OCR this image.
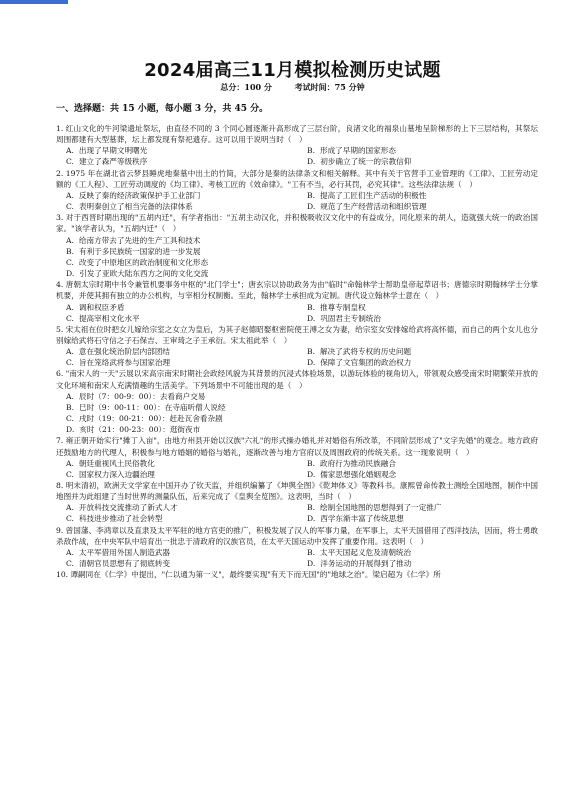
2024届高三11月模拟检测历史试题
总分：100 分	考试时间：75 分钟
一、选择题：共 15 小题，每小题 3 分，共 45 分。
1. 红山文化的牛河梁遗址祭坛，由直径不同的 3 个同心圆逐渐升高形成了三层台阶，良渚文化的福泉山墓地呈阶梯形的上下三层结构，其祭坛周围都建有大型墓葬，坛上都发现有祭祀遗存。这可以用于说明当时（　）
A. 出现了早期文明曙光	B. 形成了早期的国家形态
C. 建立了森严等级秩序	D. 初步确立了统一的宗教信仰
2. 1975 年在湖北省云梦县睡虎地秦墓中出土的竹简，大部分是秦的法律条文和相关解释。其中有关于官营手工业管理的《工律》、工匠劳动定额的《工人程》、工匠劳动调度的《均工律》、考核工匠的《效命律》。"工有不当，必行其罚，必究其律"。这些法律法规（　）
A. 反映了秦的经济政策保护手工业部门	B. 提高了工匠们生产活动的积极性
C. 表明秦创立了相当完备的法律体系	D. 规范了生产经营活动和组织管理
3. 对于西晋时期出现的"五胡内迁"，有学者指出："五胡主动汉化，并积极吸收汉文化中的有益成分，同化原来的胡人，造就强大统一的政治国家。"该学者认为，"五胡内迁"（　）
A. 给南方带去了先进的生产工具和技术
B. 有利于多民族统一国家的进一步发展
C. 改变了中原地区的政治制度和文化形态
D. 引发了亚欧大陆东西方之间的文化交流
4. 唐朝太宗时期中书令兼管机要事务中枢的"北门学士"；唐玄宗以协助政务为由"临时"命翰林学士帮助皇帝起草诏书；唐德宗时期翰林学士分掌机要，并使其拥有独立的办公机构，与宰相分权制衡。至此，翰林学士承担成为定制。唐代设立翰林学士意在（　）
A. 调和权臣矛盾	B. 推尊专制皇权
C. 提高宰相文化水平	D. 巩固君主专制统治
5. 宋太祖在位时把女儿嫁给宗室之女立为皇后，为其子赵德昭娶枢密院使王溥之女为妻，给宗室女安排嫁给武将高怀德，而自己的两个女儿也分别嫁给武将石守信之子石保吉、王审琦之子王承衍。宋太祖此举（　）
A. 意在强化统治阶层内部团结	B. 解决了武将专权的历史问题
C. 旨在笼络武将参与国家治理	D. 保障了文官集团的政治权力
6. "南宋人的一天"云展以宋高宗南宋时期社会政经风貌为其背景的沉浸式体验场景，以游玩体验的视角切入，带领观众感受南宋时期繁荣开放的文化环境和南宋人充满情趣的生活美学。下列场景中不可能出现的是（　）
A. 辰时（7：00-9：00）：去看商户交易
B. 巳时（9：00-11：00）：在寺庙听僧人说经
C. 戌时（19：00-21：00）：赶赴瓦舍看杂剧
D. 亥时（21：00-23：00）：逛街夜市
7. 雍正朝开始实行"摊丁入亩"，由地方州县开始以汉族"六礼"的形式操办婚礼并对婚俗有所改革，不同阶层形成了"文字先婚"的观念。地方政府还鼓励地方的代理人，积极参与地方婚姻的婚俗与婚礼，逐渐改善与地方官府以及周围政府的传统关系。这一现象说明（　）
A. 朝廷重视风土民俗教化	B. 政府行为推动民族融合
C. 国家权力深入边疆治理	D. 儒家思想强化婚姻观念
8. 明末清初，欧洲天文学家在中国开办了钦天监，并组织编纂了《坤舆全图》《乾坤体义》等教科书。康熙曾命传教士测绘全国地图，制作中国地图并为此组建了当时世界的测量队伍，后来完成了《皇舆全览图》。这表明，当时（　）
A. 开放科技交流推动了新式人才	B. 绘制全国地图的思想得到了一定推广
C. 科技进步推动了社会转型	D. 西学东渐丰富了传统思想
9. 曾国藩、李鸿章以及直隶及太平军驻的地方官吏的推广，积极发展了汉人的军事力量，在军事上，太平天国借用了西洋技法，因而，将士勇敢杀敌作战，在中央军队中培育出一批忠于清政府的汉族官员，在太平天国运动中发挥了重要作用。这表明（　）
A. 太平军借用外国人制造武器	B. 太平天国起义危及清朝统治
C. 清朝官员思想有了彻底转变	D. 洋务运动的开展得到了推动
10. 谭嗣同在《仁学》中提出，"仁以通为第一义"，最终要实现"有天下而无国"的"地球之治"。梁启超为《仁学》所
